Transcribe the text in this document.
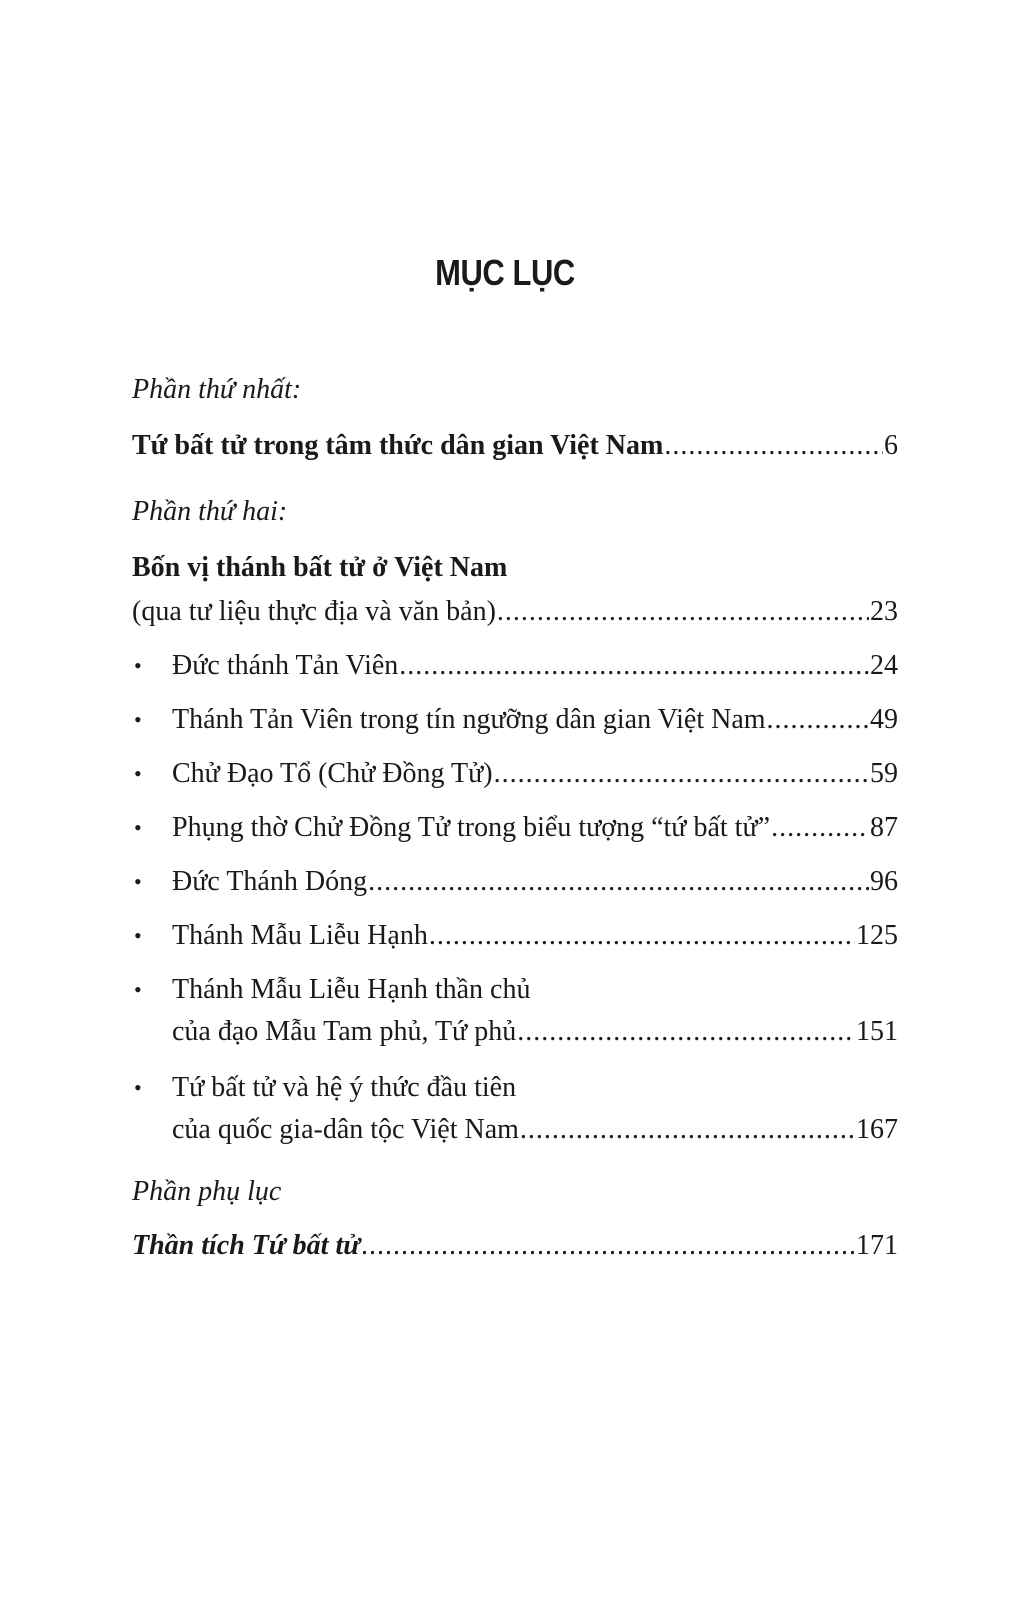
MỤC LỤC
Phần thứ nhất:
Tứ bất tử trong tâm thức dân gian Việt Nam .....	6
Phần thứ hai:
Bốn vị thánh bất tử ở Việt Nam
(qua tư liệu thực địa và văn bản) .....	23
• Đức thánh Tản Viên .....	24
• Thánh Tản Viên trong tín ngưỡng dân gian Việt Nam .....	49
• Chử Đạo Tổ (Chử Đồng Tử) .....	59
• Phụng thờ Chử Đồng Tử trong biểu tượng “tứ bất tử” .....	87
• Đức Thánh Dóng .....	96
• Thánh Mẫu Liễu Hạnh .....	125
• Thánh Mẫu Liễu Hạnh thần chủ
của đạo Mẫu Tam phủ, Tứ phủ .....	151
• Tứ bất tử và hệ ý thức đầu tiên
của quốc gia-dân tộc Việt Nam .....	167
Phần phụ lục
Thần tích Tứ bất tử .....	171
